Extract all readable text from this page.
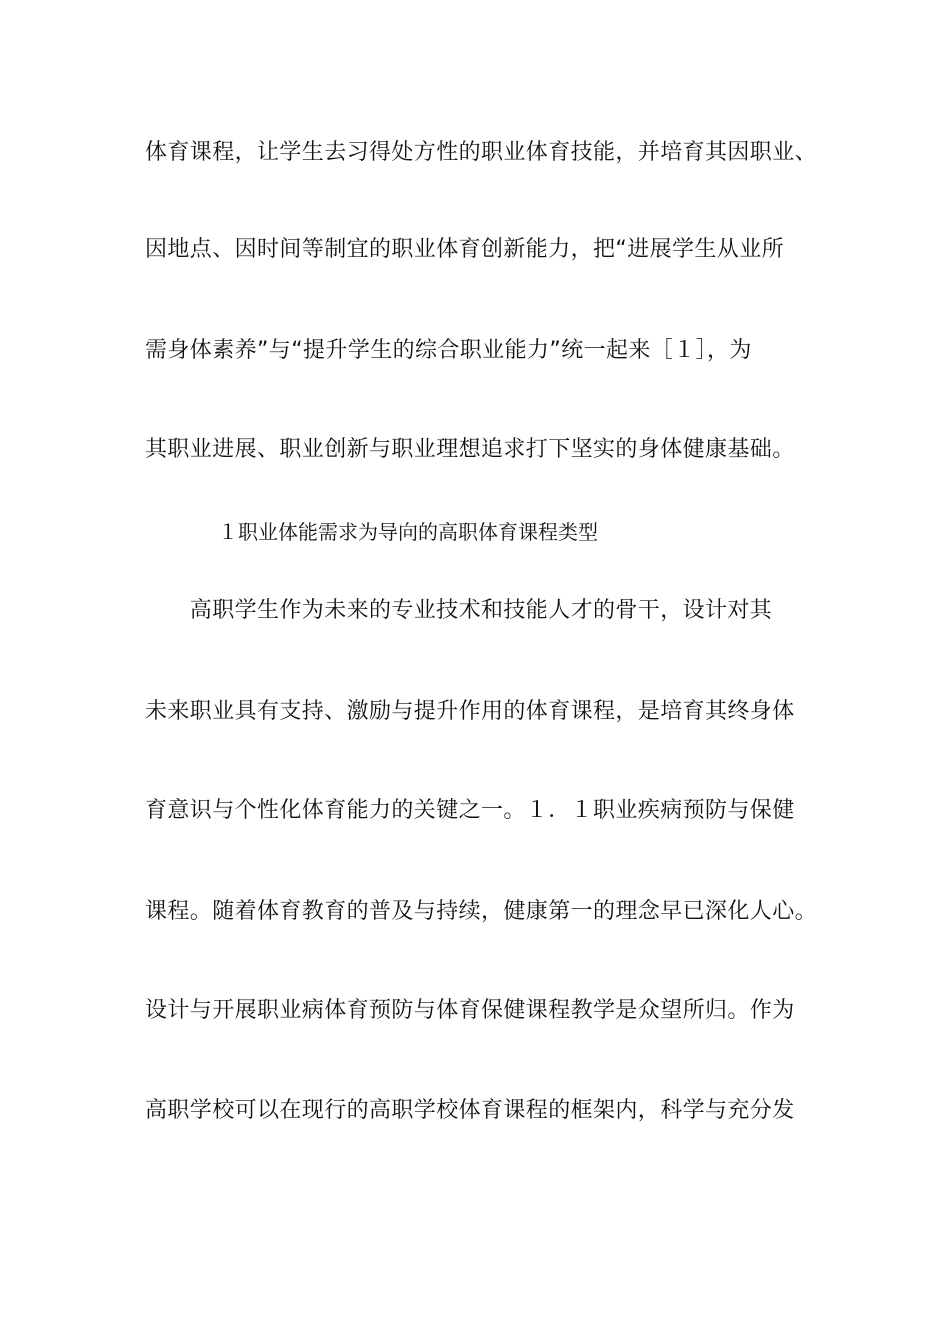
体育课程，让学生去习得处方性的职业体育技能，并培育其因职业、
因地点、因时间等制宜的职业体育创新能力，把“进展学生从业所
需身体素养”与“提升学生的综合职业能力”统一起来［１］，为
其职业进展、职业创新与职业理想追求打下坚实的身体健康基础。
１职业体能需求为导向的高职体育课程类型
　　高职学生作为未来的专业技术和技能人才的骨干，设计对其
未来职业具有支持、激励与提升作用的体育课程，是培育其终身体
育意识与个性化体育能力的关键之一。１．１职业疾病预防与保健
课程。随着体育教育的普及与持续，健康第一的理念早已深化人心。
设计与开展职业病体育预防与体育保健课程教学是众望所归。作为
高职学校可以在现行的高职学校体育课程的框架内，科学与充分发
